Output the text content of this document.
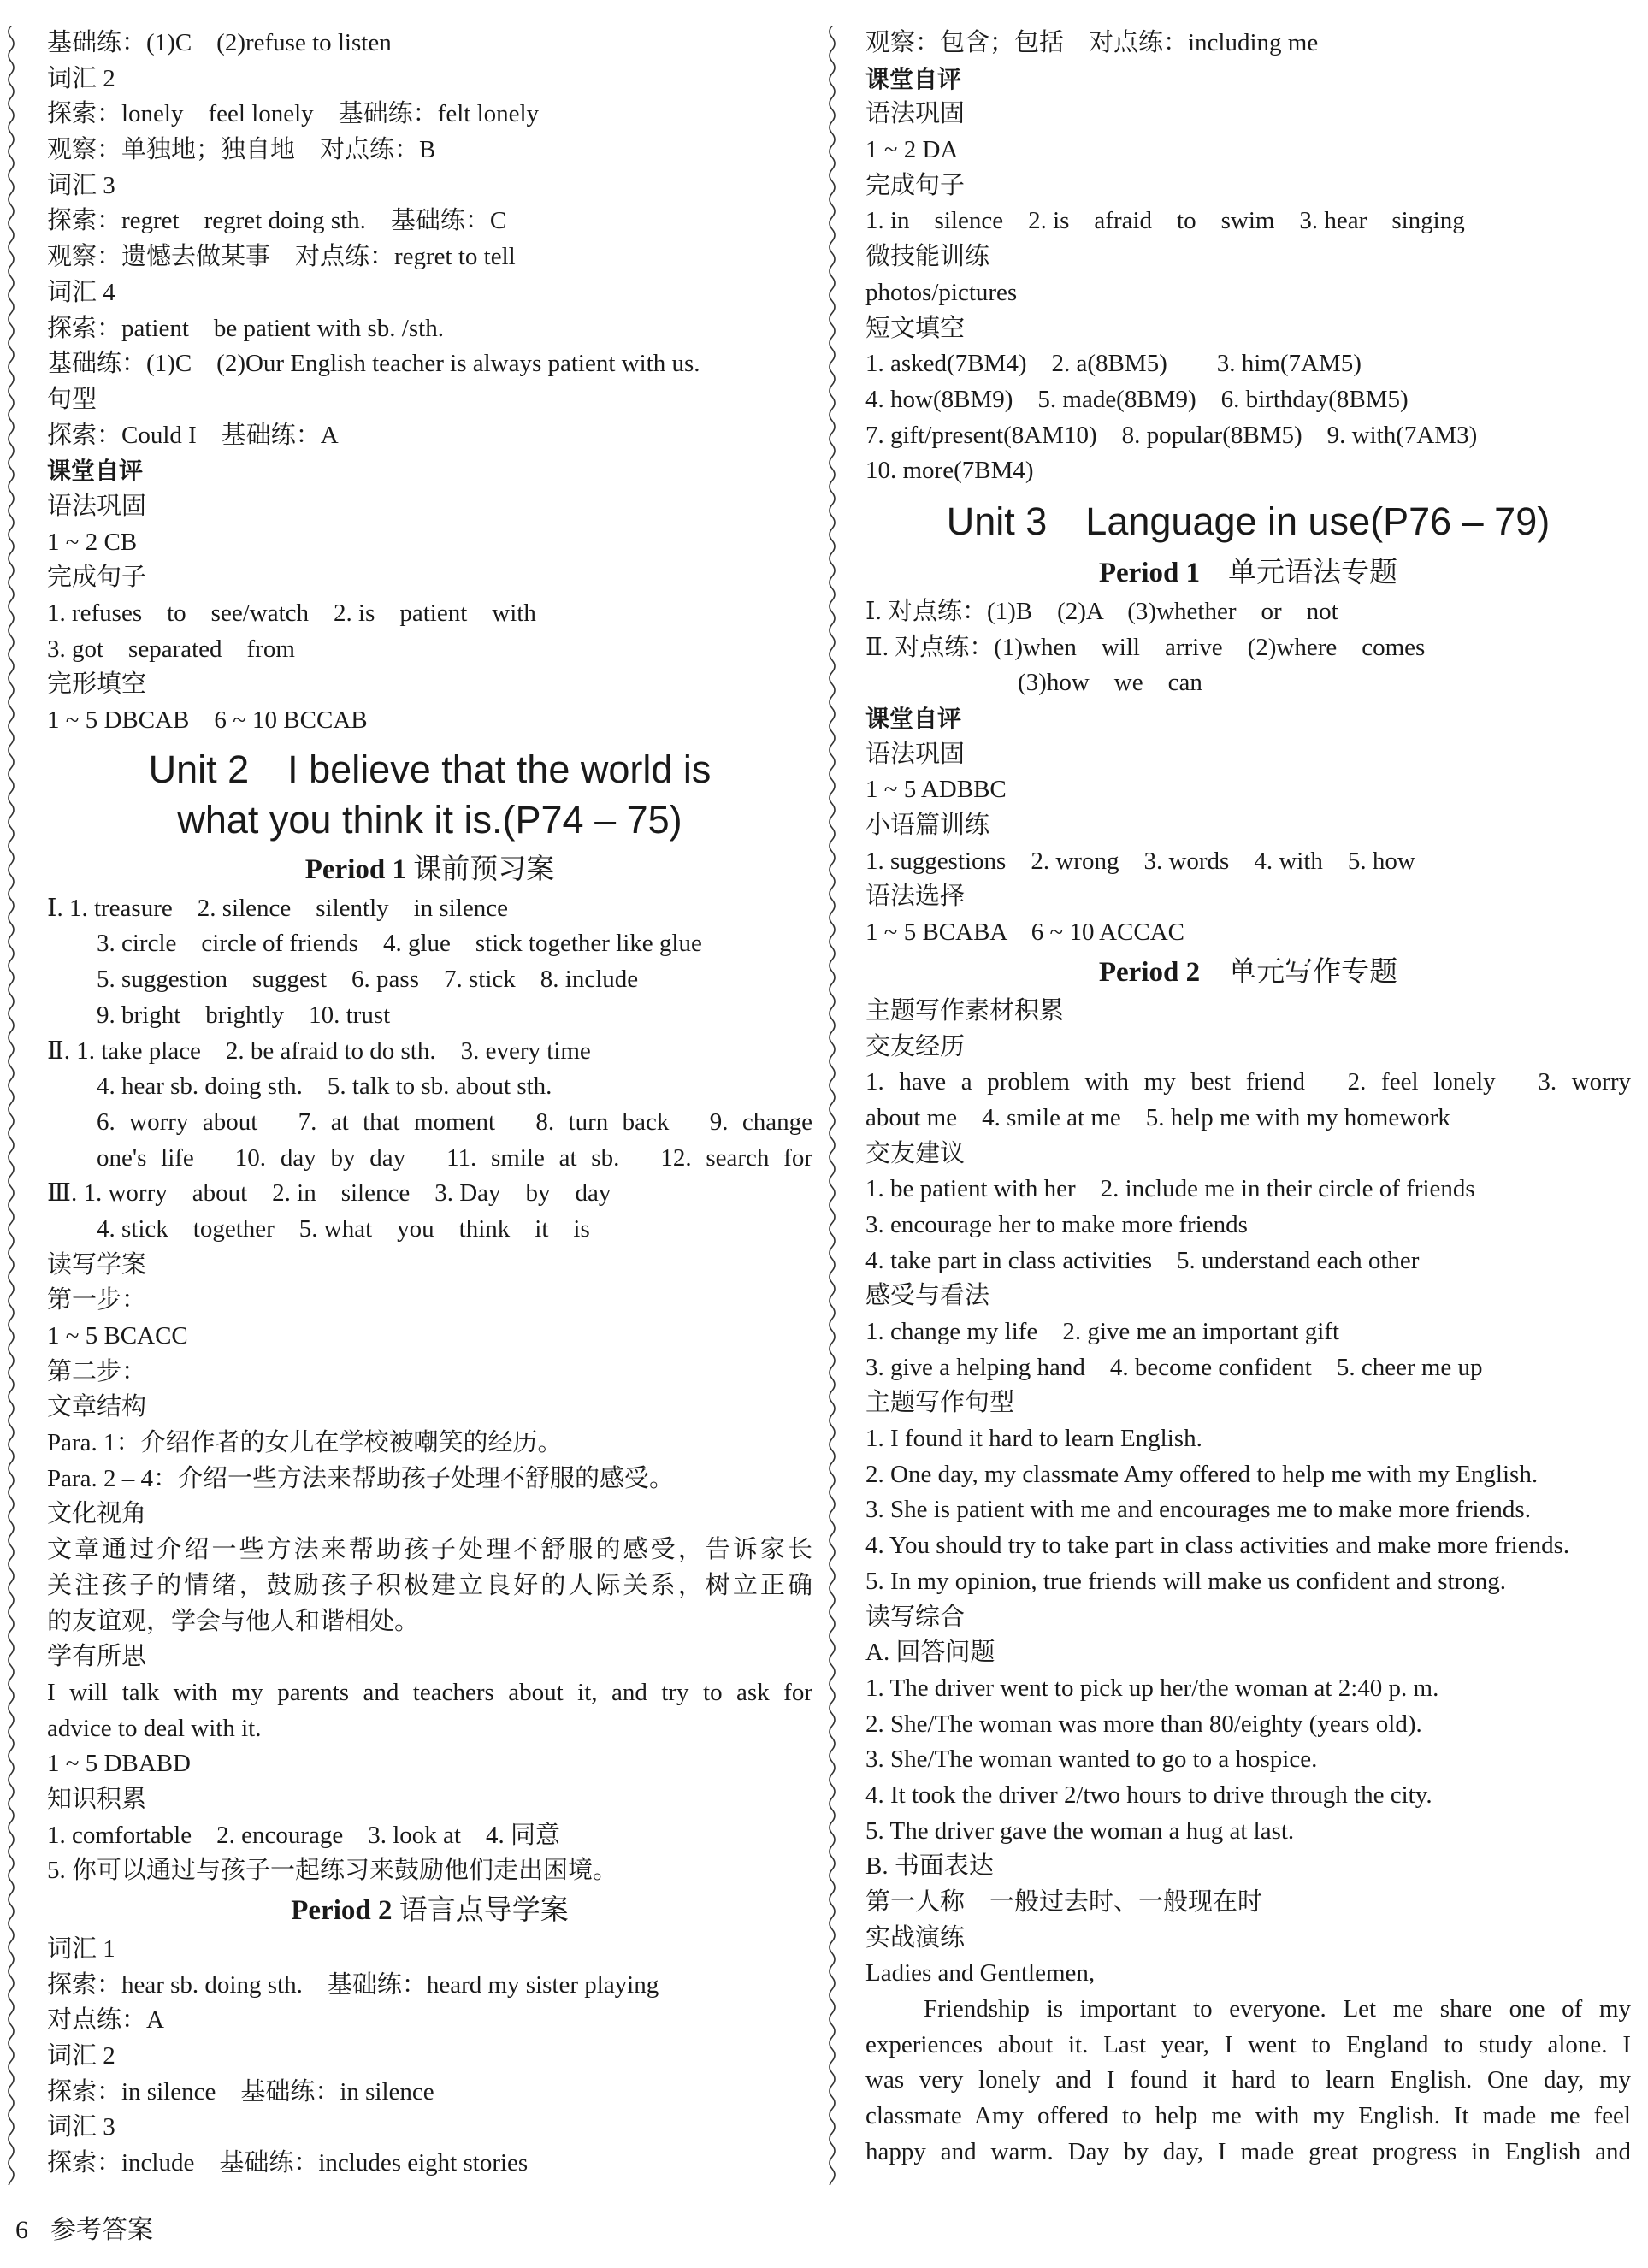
基础练：(1)C　(2)refuse to listen
词汇 2
探索：lonely　feel lonely　基础练：felt lonely
观察：单独地；独自地　对点练：B
词汇 3
探索：regret　regret doing sth.　基础练：C
观察：遗憾去做某事　对点练：regret to tell
词汇 4
探索：patient　be patient with sb. /sth.
基础练：(1)C　(2)Our English teacher is always patient with us.
句型
探索：Could I　基础练：A
课堂自评
语法巩固
1 ~ 2 CB
完成句子
1. refuses　to　see/watch　2. is　patient　with
3. got　separated　from
完形填空
1 ~ 5 DBCAB　6 ~ 10 BCCAB
Unit 2　I believe that the world is
what you think it is.(P74 – 75)
Period 1 课前预习案
Ⅰ. 1. treasure　2. silence　silently　in silence
3. circle　circle of friends　4. glue　stick together like glue
5. suggestion　suggest　6. pass　7. stick　8. include
9. bright　brightly　10. trust
Ⅱ. 1. take place　2. be afraid to do sth.　3. every time
4. hear sb. doing sth.　5. talk to sb. about sth.
6. worry about　7. at that moment　8. turn back　9. change
one's life　10. day by day　11. smile at sb.　12. search for
Ⅲ. 1. worry　about　2. in　silence　3. Day　by　day
4. stick　together　5. what　you　think　it　is
读写学案
第一步：
1 ~ 5 BCACC
第二步：
文章结构
Para. 1：介绍作者的女儿在学校被嘲笑的经历。
Para. 2 – 4：介绍一些方法来帮助孩子处理不舒服的感受。
文化视角
文章通过介绍一些方法来帮助孩子处理不舒服的感受，告诉家长
关注孩子的情绪，鼓励孩子积极建立良好的人际关系，树立正确
的友谊观，学会与他人和谐相处。
学有所思
I will talk with my parents and teachers about it, and try to ask for
advice to deal with it.
1 ~ 5 DBABD
知识积累
1. comfortable　2. encourage　3. look at　4. 同意
5. 你可以通过与孩子一起练习来鼓励他们走出困境。
Period 2 语言点导学案
词汇 1
探索：hear sb. doing sth.　基础练：heard my sister playing
对点练：A
词汇 2
探索：in silence　基础练：in silence
词汇 3
探索：include　基础练：includes eight stories
观察：包含；包括　对点练：including me
课堂自评
语法巩固
1 ~ 2 DA
完成句子
1. in　silence　2. is　afraid　to　swim　3. hear　singing
微技能训练
photos/pictures
短文填空
1. asked(7BM4)　2. a(8BM5)　　3. him(7AM5)
4. how(8BM9)　5. made(8BM9)　6. birthday(8BM5)
7. gift/present(8AM10)　8. popular(8BM5)　9. with(7AM3)
10. more(7BM4)
Unit 3　Language in use(P76 – 79)
Period 1　单元语法专题
Ⅰ. 对点练：(1)B　(2)A　(3)whether　or　not
Ⅱ. 对点练：(1)when　will　arrive　(2)where　comes
(3)how　we　can
课堂自评
语法巩固
1 ~ 5 ADBBC
小语篇训练
1. suggestions　2. wrong　3. words　4. with　5. how
语法选择
1 ~ 5 BCABA　6 ~ 10 ACCAC
Period 2　单元写作专题
主题写作素材积累
交友经历
1. have a problem with my best friend　2. feel lonely　3. worry
about me　4. smile at me　5. help me with my homework
交友建议
1. be patient with her　2. include me in their circle of friends
3. encourage her to make more friends
4. take part in class activities　5. understand each other
感受与看法
1. change my life　2. give me an important gift
3. give a helping hand　4. become confident　5. cheer me up
主题写作句型
1. I found it hard to learn English.
2. One day, my classmate Amy offered to help me with my English.
3. She is patient with me and encourages me to make more friends.
4. You should try to take part in class activities and make more friends.
5. In my opinion, true friends will make us confident and strong.
读写综合
A. 回答问题
1. The driver went to pick up her/the woman at 2:40 p. m.
2. She/The woman was more than 80/eighty (years old).
3. She/The woman wanted to go to a hospice.
4. It took the driver 2/two hours to drive through the city.
5. The driver gave the woman a hug at last.
B. 书面表达
第一人称　一般过去时、一般现在时
实战演练
Ladies and Gentlemen,
Friendship is important to everyone. Let me share one of my
experiences about it. Last year, I went to England to study alone. I
was very lonely and I found it hard to learn English. One day, my
classmate Amy offered to help me with my English. It made me feel
happy and warm. Day by day, I made great progress in English and
6 参考答案
